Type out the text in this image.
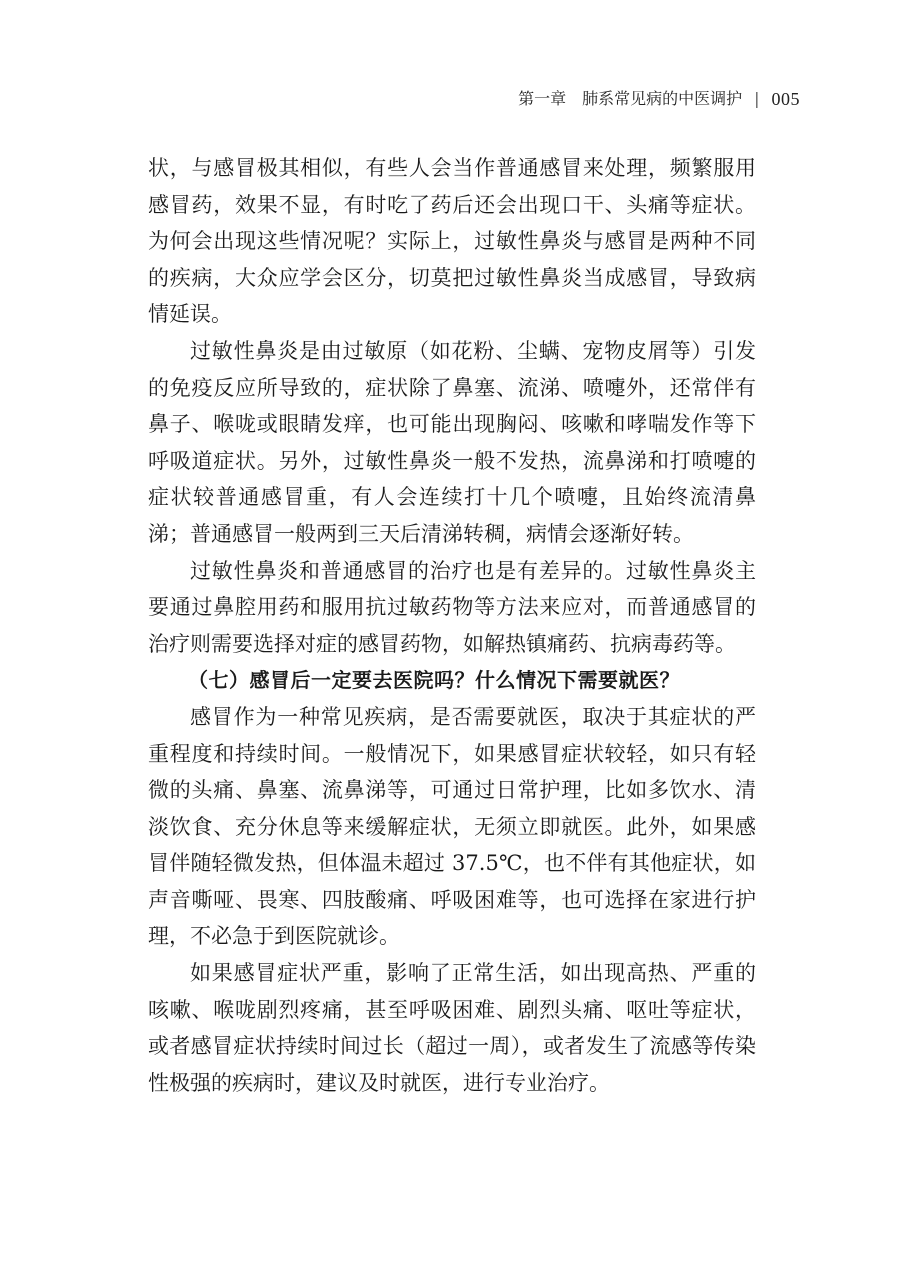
第一章　肺系常见病的中医调护 | 005

状，与感冒极其相似，有些人会当作普通感冒来处理，频繁服用感冒药，效果不显，有时吃了药后还会出现口干、头痛等症状。为何会出现这些情况呢？实际上，过敏性鼻炎与感冒是两种不同的疾病，大众应学会区分，切莫把过敏性鼻炎当成感冒，导致病情延误。

过敏性鼻炎是由过敏原（如花粉、尘螨、宠物皮屑等）引发的免疫反应所导致的，症状除了鼻塞、流涕、喷嚏外，还常伴有鼻子、喉咙或眼睛发痒，也可能出现胸闷、咳嗽和哮喘发作等下呼吸道症状。另外，过敏性鼻炎一般不发热，流鼻涕和打喷嚏的症状较普通感冒重，有人会连续打十几个喷嚏，且始终流清鼻涕；普通感冒一般两到三天后清涕转稠，病情会逐渐好转。

过敏性鼻炎和普通感冒的治疗也是有差异的。过敏性鼻炎主要通过鼻腔用药和服用抗过敏药物等方法来应对，而普通感冒的治疗则需要选择对症的感冒药物，如解热镇痛药、抗病毒药等。

（七）感冒后一定要去医院吗？什么情况下需要就医？

感冒作为一种常见疾病，是否需要就医，取决于其症状的严重程度和持续时间。一般情况下，如果感冒症状较轻，如只有轻微的头痛、鼻塞、流鼻涕等，可通过日常护理，比如多饮水、清淡饮食、充分休息等来缓解症状，无须立即就医。此外，如果感冒伴随轻微发热，但体温未超过 37.5℃，也不伴有其他症状，如声音嘶哑、畏寒、四肢酸痛、呼吸困难等，也可选择在家进行护理，不必急于到医院就诊。

如果感冒症状严重，影响了正常生活，如出现高热、严重的咳嗽、喉咙剧烈疼痛，甚至呼吸困难、剧烈头痛、呕吐等症状，或者感冒症状持续时间过长（超过一周），或者发生了流感等传染性极强的疾病时，建议及时就医，进行专业治疗。
